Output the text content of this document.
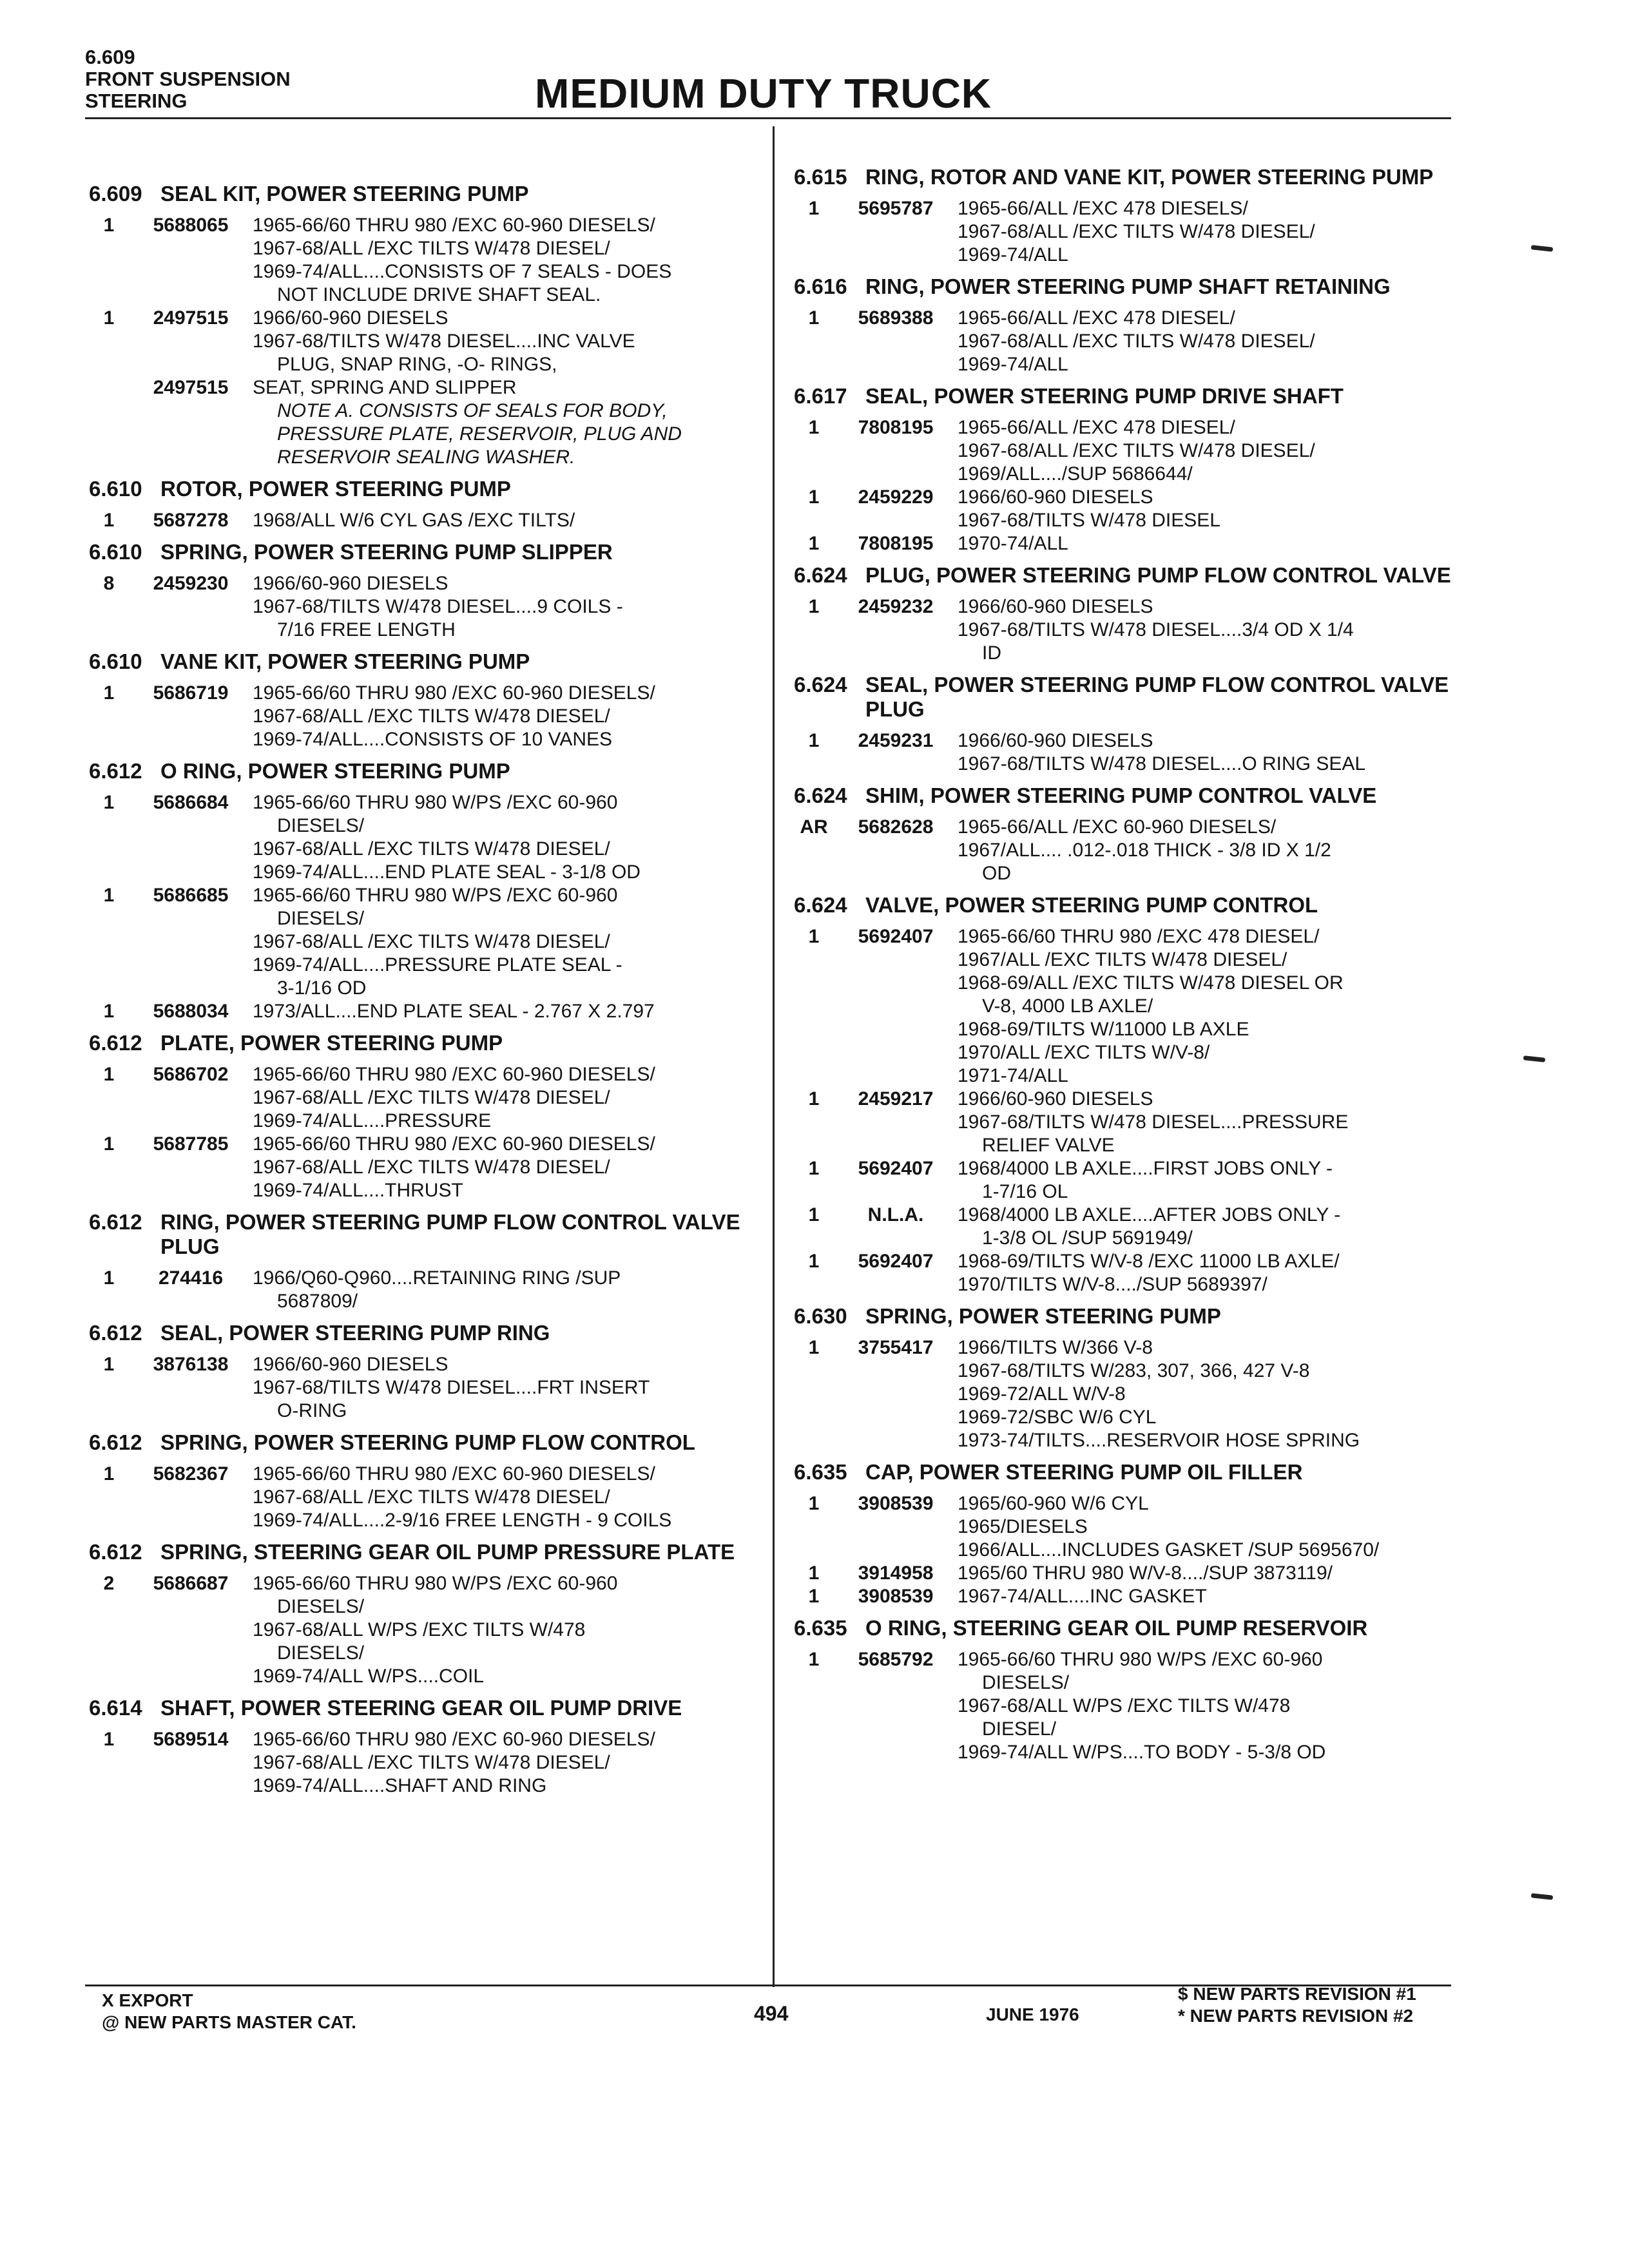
6.609
FRONT SUSPENSION
STEERING	MEDIUM DUTY TRUCK
6.609 SEAL KIT, POWER STEERING PUMP
1	5688065	1965-66/60 THRU 980 /EXC 60-960 DIESELS/
1967-68/ALL /EXC TILTS W/478 DIESEL/
1969-74/ALL....CONSISTS OF 7 SEALS - DOES
NOT INCLUDE DRIVE SHAFT SEAL.
1	2497515	1966/60-960 DIESELS
1967-68/TILTS W/478 DIESEL....INC VALVE
PLUG, SNAP RING, -O- RINGS,
2497515	SEAT, SPRING AND SLIPPER
NOTE A. CONSISTS OF SEALS FOR BODY,
PRESSURE PLATE, RESERVOIR, PLUG AND
RESERVOIR SEALING WASHER.
6.610 ROTOR, POWER STEERING PUMP
1	5687278	1968/ALL W/6 CYL GAS /EXC TILTS/
6.610 SPRING, POWER STEERING PUMP SLIPPER
8	2459230	1966/60-960 DIESELS
1967-68/TILTS W/478 DIESEL....9 COILS -
7/16 FREE LENGTH
6.610 VANE KIT, POWER STEERING PUMP
1	5686719	1965-66/60 THRU 980 /EXC 60-960 DIESELS/
1967-68/ALL /EXC TILTS W/478 DIESEL/
1969-74/ALL....CONSISTS OF 10 VANES
6.612 O RING, POWER STEERING PUMP
1	5686684	1965-66/60 THRU 980 W/PS /EXC 60-960
DIESELS/
1967-68/ALL /EXC TILTS W/478 DIESEL/
1969-74/ALL....END PLATE SEAL - 3-1/8 OD
1	5686685	1965-66/60 THRU 980 W/PS /EXC 60-960
DIESELS/
1967-68/ALL /EXC TILTS W/478 DIESEL/
1969-74/ALL....PRESSURE PLATE SEAL -
3-1/16 OD
1	5688034	1973/ALL....END PLATE SEAL - 2.767 X 2.797
6.612 PLATE, POWER STEERING PUMP
1	5686702	1965-66/60 THRU 980 /EXC 60-960 DIESELS/
1967-68/ALL /EXC TILTS W/478 DIESEL/
1969-74/ALL....PRESSURE
1	5687785	1965-66/60 THRU 980 /EXC 60-960 DIESELS/
1967-68/ALL /EXC TILTS W/478 DIESEL/
1969-74/ALL....THRUST
6.612 RING, POWER STEERING PUMP FLOW CONTROL VALVE PLUG
1	274416	1966/Q60-Q960....RETAINING RING /SUP
5687809/
6.612 SEAL, POWER STEERING PUMP RING
1	3876138	1966/60-960 DIESELS
1967-68/TILTS W/478 DIESEL....FRT INSERT
O-RING
6.612 SPRING, POWER STEERING PUMP FLOW CONTROL
1	5682367	1965-66/60 THRU 980 /EXC 60-960 DIESELS/
1967-68/ALL /EXC TILTS W/478 DIESEL/
1969-74/ALL....2-9/16 FREE LENGTH - 9 COILS
6.612 SPRING, STEERING GEAR OIL PUMP PRESSURE PLATE
2	5686687	1965-66/60 THRU 980 W/PS /EXC 60-960
DIESELS/
1967-68/ALL W/PS /EXC TILTS W/478
DIESELS/
1969-74/ALL W/PS....COIL
6.614 SHAFT, POWER STEERING GEAR OIL PUMP DRIVE
1	5689514	1965-66/60 THRU 980 /EXC 60-960 DIESELS/
1967-68/ALL /EXC TILTS W/478 DIESEL/
1969-74/ALL....SHAFT AND RING
6.615 RING, ROTOR AND VANE KIT, POWER STEERING PUMP
1	5695787	1965-66/ALL /EXC 478 DIESELS/
1967-68/ALL /EXC TILTS W/478 DIESEL/
1969-74/ALL
6.616 RING, POWER STEERING PUMP SHAFT RETAINING
1	5689388	1965-66/ALL /EXC 478 DIESEL/
1967-68/ALL /EXC TILTS W/478 DIESEL/
1969-74/ALL
6.617 SEAL, POWER STEERING PUMP DRIVE SHAFT
1	7808195	1965-66/ALL /EXC 478 DIESEL/
1967-68/ALL /EXC TILTS W/478 DIESEL/
1969/ALL..../SUP 5686644/
1	2459229	1966/60-960 DIESELS
1967-68/TILTS W/478 DIESEL
1	7808195	1970-74/ALL
6.624 PLUG, POWER STEERING PUMP FLOW CONTROL VALVE
1	2459232	1966/60-960 DIESELS
1967-68/TILTS W/478 DIESEL....3/4 OD X 1/4
ID
6.624 SEAL, POWER STEERING PUMP FLOW CONTROL VALVE PLUG
1	2459231	1966/60-960 DIESELS
1967-68/TILTS W/478 DIESEL....O RING SEAL
6.624 SHIM, POWER STEERING PUMP CONTROL VALVE
AR	5682628	1965-66/ALL /EXC 60-960 DIESELS/
1967/ALL.... .012-.018 THICK - 3/8 ID X 1/2
OD
6.624 VALVE, POWER STEERING PUMP CONTROL
1	5692407	1965-66/60 THRU 980 /EXC 478 DIESEL/
1967/ALL /EXC TILTS W/478 DIESEL/
1968-69/ALL /EXC TILTS W/478 DIESEL OR
V-8, 4000 LB AXLE/
1968-69/TILTS W/11000 LB AXLE
1970/ALL /EXC TILTS W/V-8/
1971-74/ALL
1	2459217	1966/60-960 DIESELS
1967-68/TILTS W/478 DIESEL....PRESSURE
RELIEF VALVE
1	5692407	1968/4000 LB AXLE....FIRST JOBS ONLY -
1-7/16 OL
1	N.L.A.	1968/4000 LB AXLE....AFTER JOBS ONLY -
1-3/8 OL /SUP 5691949/
1	5692407	1968-69/TILTS W/V-8 /EXC 11000 LB AXLE/
1970/TILTS W/V-8..../SUP 5689397/
6.630 SPRING, POWER STEERING PUMP
1	3755417	1966/TILTS W/366 V-8
1967-68/TILTS W/283, 307, 366, 427 V-8
1969-72/ALL W/V-8
1969-72/SBC W/6 CYL
1973-74/TILTS....RESERVOIR HOSE SPRING
6.635 CAP, POWER STEERING PUMP OIL FILLER
1	3908539	1965/60-960 W/6 CYL
1965/DIESELS
1966/ALL....INCLUDES GASKET /SUP 5695670/
1	3914958	1965/60 THRU 980 W/V-8..../SUP 3873119/
1	3908539	1967-74/ALL....INC GASKET
6.635 O RING, STEERING GEAR OIL PUMP RESERVOIR
1	5685792	1965-66/60 THRU 980 W/PS /EXC 60-960
DIESELS/
1967-68/ALL W/PS /EXC TILTS W/478
DIESEL/
1969-74/ALL W/PS....TO BODY - 5-3/8 OD
X EXPORT
@ NEW PARTS MASTER CAT.	494	JUNE 1976
$ NEW PARTS REVISION #1
* NEW PARTS REVISION #2
